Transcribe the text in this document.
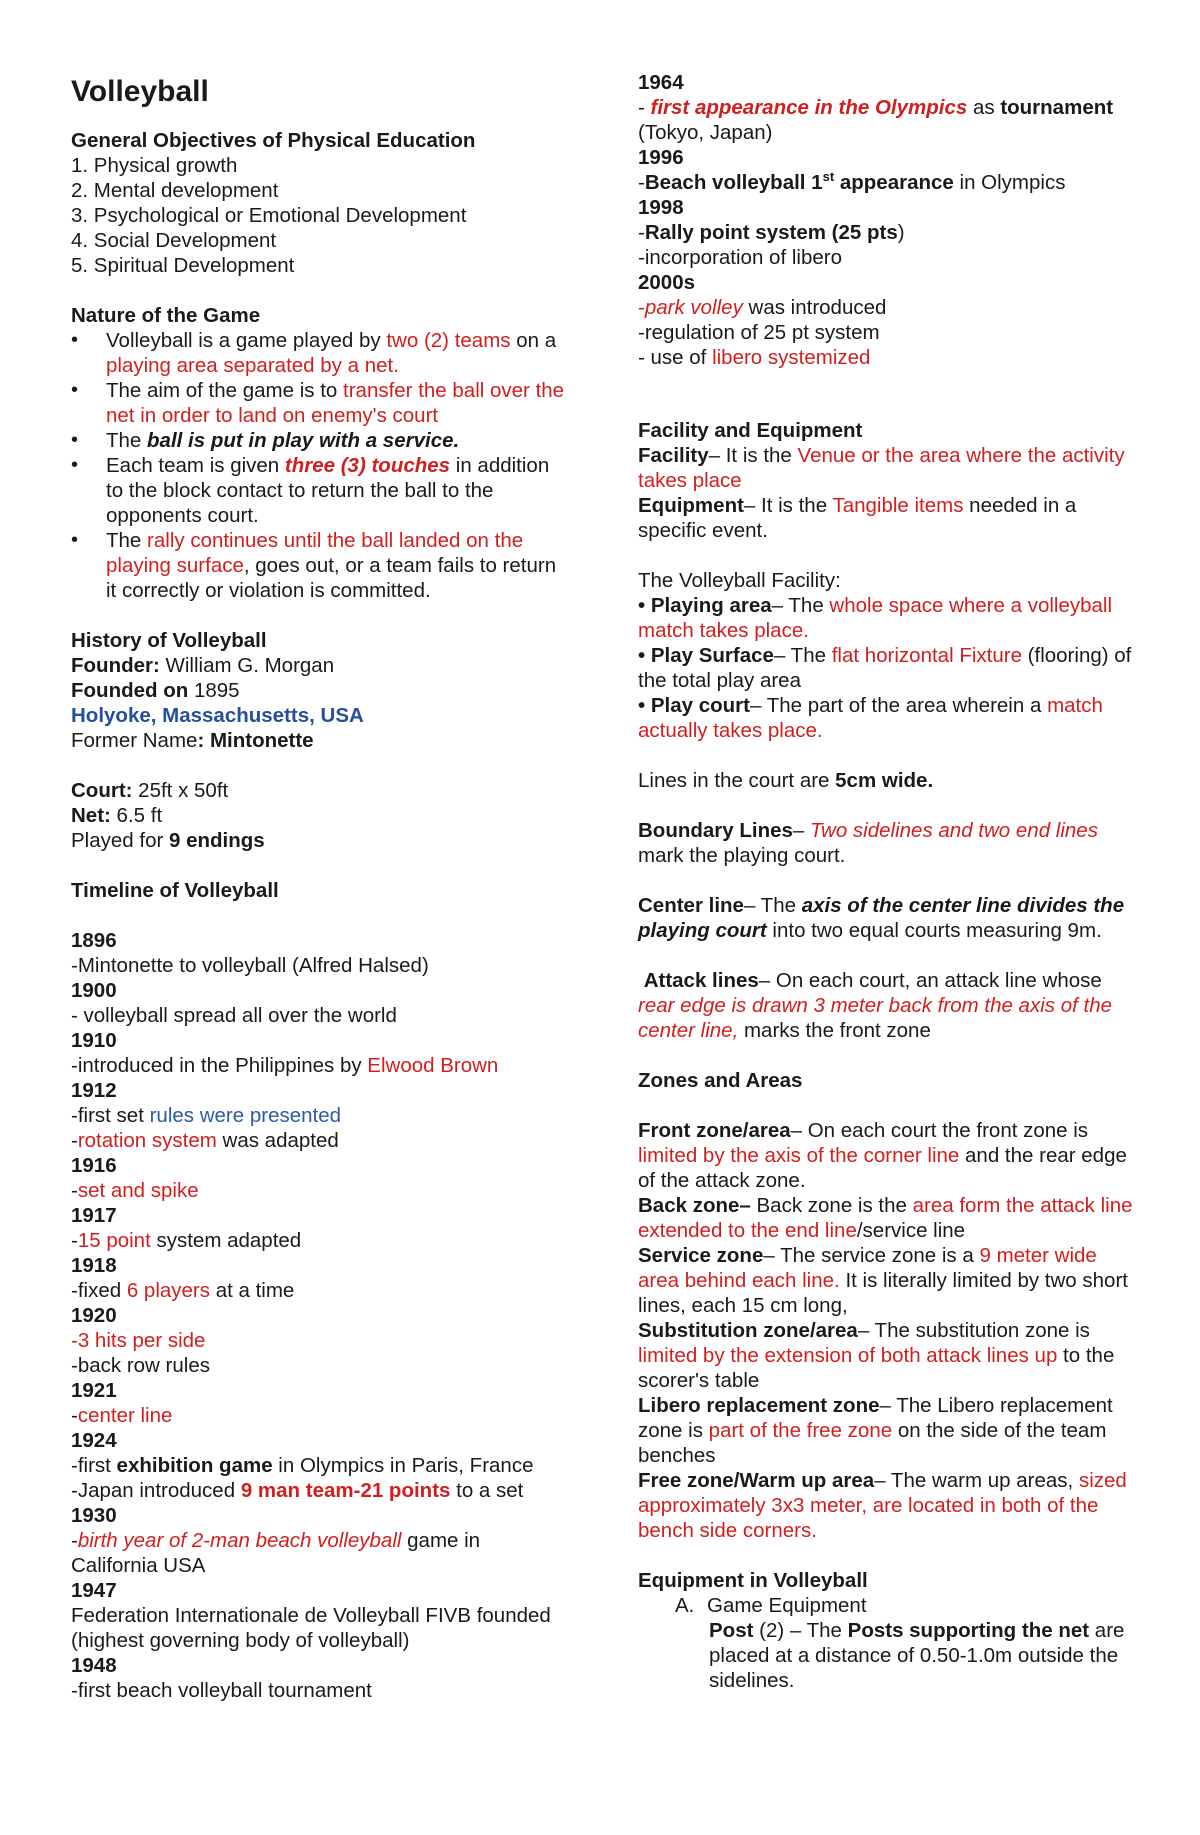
Volleyball
General Objectives of Physical Education
1. Physical growth
2. Mental development
3. Psychological or Emotional Development
4. Social Development
5. Spiritual Development
Nature of the Game
• Volleyball is a game played by two (2) teams on a playing area separated by a net.
• The aim of the game is to transfer the ball over the net in order to land on enemy's court
• The ball is put in play with a service.
• Each team is given three (3) touches in addition to the block contact to return the ball to the opponents court.
• The rally continues until the ball landed on the playing surface, goes out, or a team fails to return it correctly or violation is committed.
History of Volleyball
Founder: William G. Morgan
Founded on 1895
Holyoke, Massachusetts, USA
Former Name: Mintonette
Court: 25ft x 50ft
Net: 6.5 ft
Played for 9 endings
Timeline of Volleyball
1896
-Mintonette to volleyball (Alfred Halsed)
1900
- volleyball spread all over the world
1910
-introduced in the Philippines by Elwood Brown
1912
-first set rules were presented
-rotation system was adapted
1916
-set and spike
1917
-15 point system adapted
1918
-fixed 6 players at a time
1920
-3 hits per side
-back row rules
1921
-center line
1924
-first exhibition game in Olympics in Paris, France
-Japan introduced 9 man team-21 points to a set
1930
-birth year of 2-man beach volleyball game in California USA
1947
Federation Internationale de Volleyball FIVB founded (highest governing body of volleyball)
1948
-first beach volleyball tournament
1964
- first appearance in the Olympics as tournament (Tokyo, Japan)
1996
-Beach volleyball 1st appearance in Olympics
1998
-Rally point system (25 pts)
-incorporation of libero
2000s
-park volley was introduced
-regulation of 25 pt system
- use of libero systemized
Facility and Equipment
Facility– It is the Venue or the area where the activity takes place
Equipment– It is the Tangible items needed in a specific event.
The Volleyball Facility:
• Playing area– The whole space where a volleyball match takes place.
• Play Surface– The flat horizontal Fixture (flooring) of the total play area
• Play court– The part of the area wherein a match actually takes place.
Lines in the court are 5cm wide.
Boundary Lines– Two sidelines and two end lines mark the playing court.
Center line– The axis of the center line divides the playing court into two equal courts measuring 9m.
Attack lines– On each court, an attack line whose rear edge is drawn 3 meter back from the axis of the center line, marks the front zone
Zones and Areas
Front zone/area– On each court the front zone is limited by the axis of the corner line and the rear edge of the attack zone.
Back zone– Back zone is the area form the attack line extended to the end line/service line
Service zone– The service zone is a 9 meter wide area behind each line. It is literally limited by two short lines, each 15 cm long,
Substitution zone/area– The substitution zone is limited by the extension of both attack lines up to the scorer's table
Libero replacement zone– The Libero replacement zone is part of the free zone on the side of the team benches
Free zone/Warm up area– The warm up areas, sized approximately 3x3 meter, are located in both of the bench side corners.
Equipment in Volleyball
A. Game Equipment
Post (2) – The Posts supporting the net are placed at a distance of 0.50-1.0m outside the sidelines.
